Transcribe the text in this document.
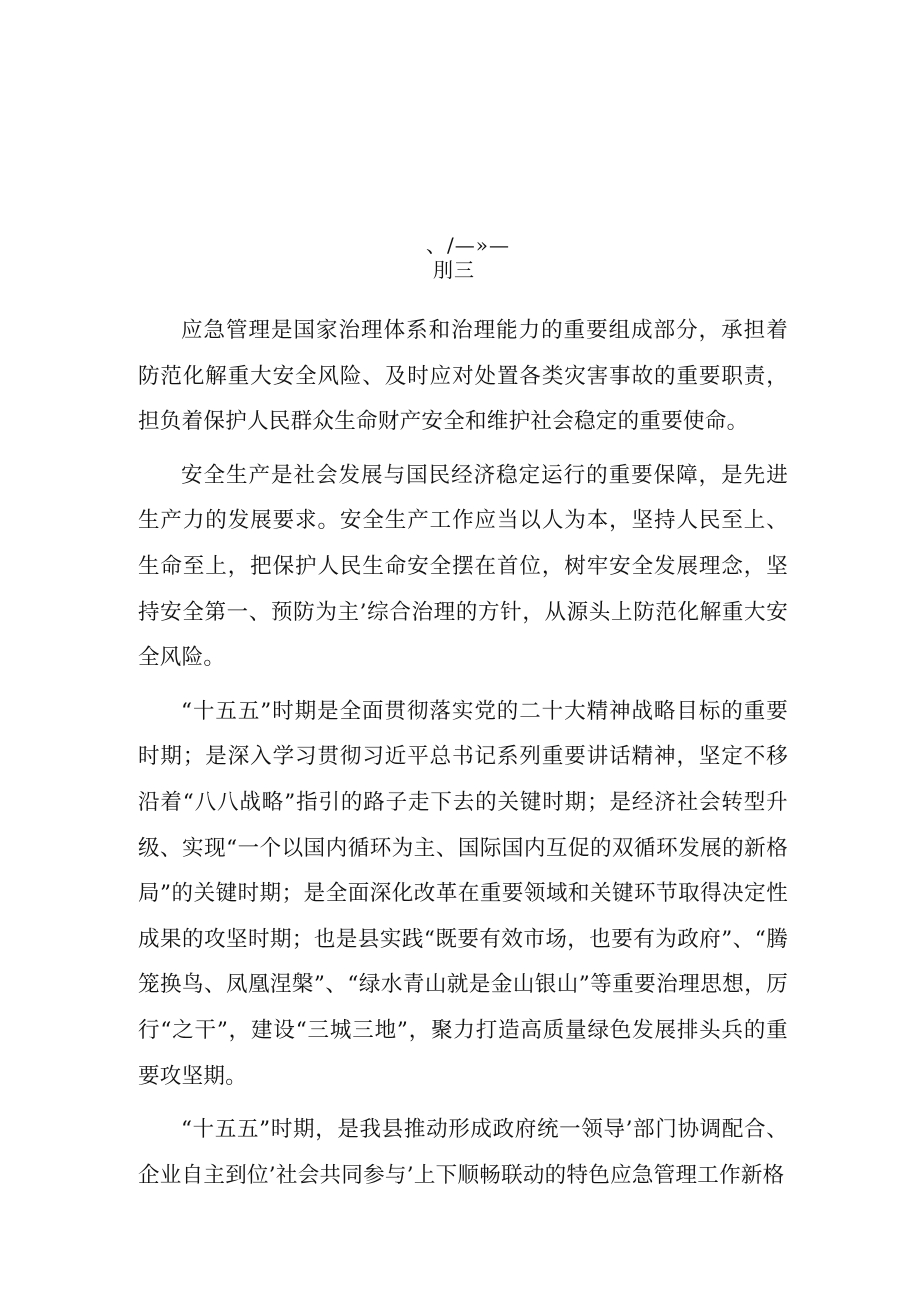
、/—»—
刖三

应急管理是国家治理体系和治理能力的重要组成部分，承担着防范化解重大安全风险、及时应对处置各类灾害事故的重要职责，担负着保护人民群众生命财产安全和维护社会稳定的重要使命。

安全生产是社会发展与国民经济稳定运行的重要保障，是先进生产力的发展要求。安全生产工作应当以人为本，坚持人民至上、生命至上，把保护人民生命安全摆在首位，树牢安全发展理念，坚持安全第一、预防为主’综合治理的方针，从源头上防范化解重大安全风险。

“十五五”时期是全面贯彻落实党的二十大精神战略目标的重要时期；是深入学习贯彻习近平总书记系列重要讲话精神，坚定不移沿着“八八战略”指引的路子走下去的关键时期；是经济社会转型升级、实现“一个以国内循环为主、国际国内互促的双循环发展的新格局”的关键时期；是全面深化改革在重要领域和关键环节取得决定性成果的攻坚时期；也是县实践“既要有效市场，也要有为政府”、“腾笼换鸟、凤凰涅槃”、“绿水青山就是金山银山”等重要治理思想，厉行“之干”，建设“三城三地”，聚力打造高质量绿色发展排头兵的重要攻坚期。

“十五五”时期，是我县推动形成政府统一领导’部门协调配合、企业自主到位’社会共同参与’上下顺畅联动的特色应急管理工作新格
